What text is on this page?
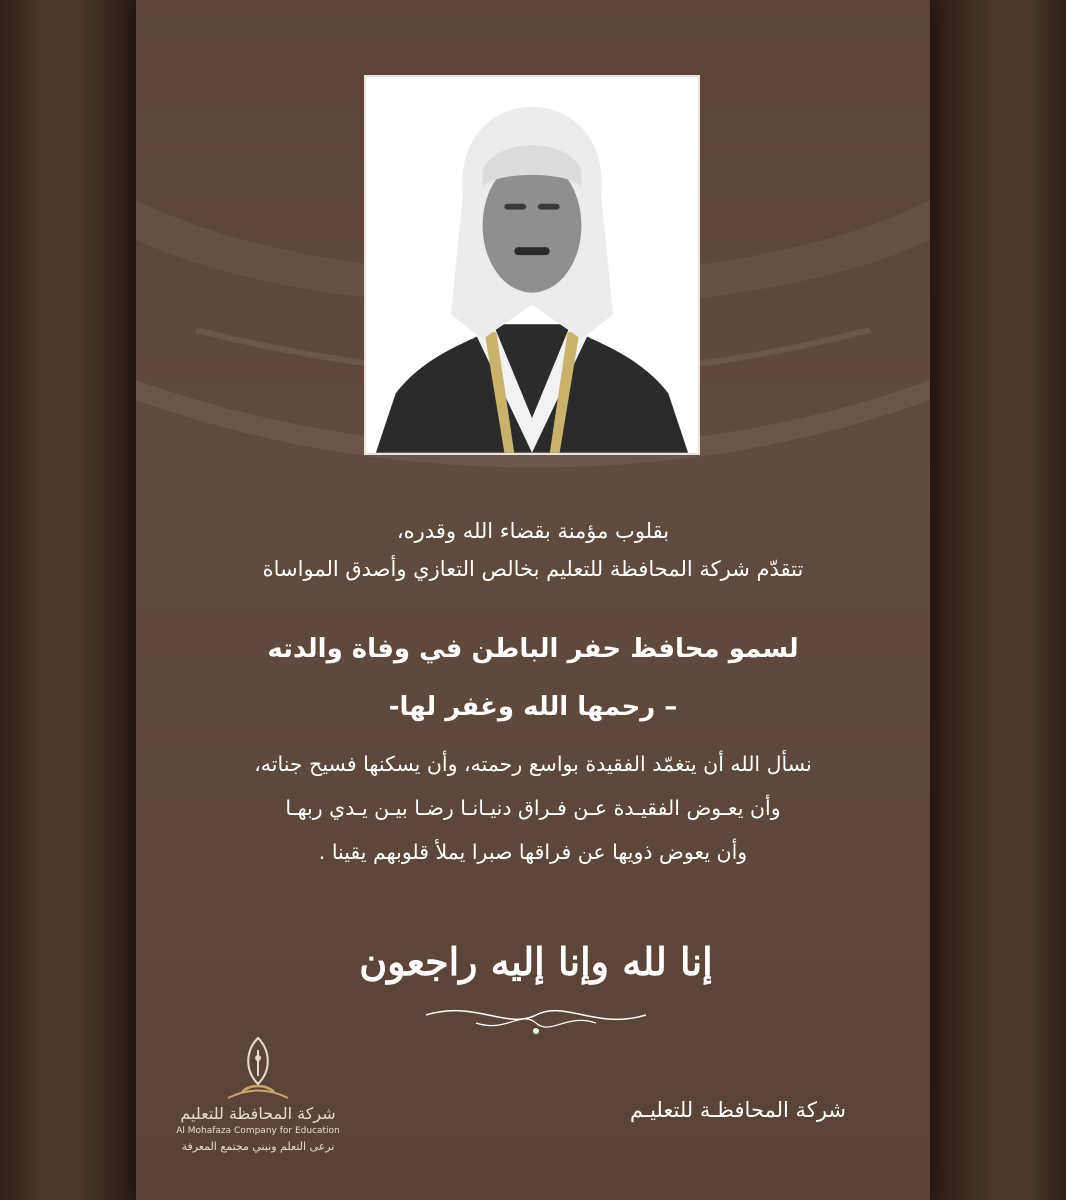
بقلوب مؤمنة بقضاء الله وقدره،
تتقدّم شركة المحافظة للتعليم بخالص التعازي وأصدق المواساة
لسمو محافظ حفر الباطن في وفاة والدته
– رحمها الله وغفر لها-
نسأل الله أن يتغمّد الفقيدة بواسع رحمته، وأن يسكنها فسيح جناته،
وأن يعـوض الفقيـدة عـن فـراق دنيـانـا رضـا بيـن يـدي ربهـا
وأن يعوض ذويها عن فراقها صبرا يملأ قلوبهم يقينا .
إنا لله وإنا إليه راجعون
شركة المحافظـة للتعليـم
شركة المحافظة للتعليم
Al Mohafaza Company for Education
نرعى التعلم ونبني مجتمع المعرفة
